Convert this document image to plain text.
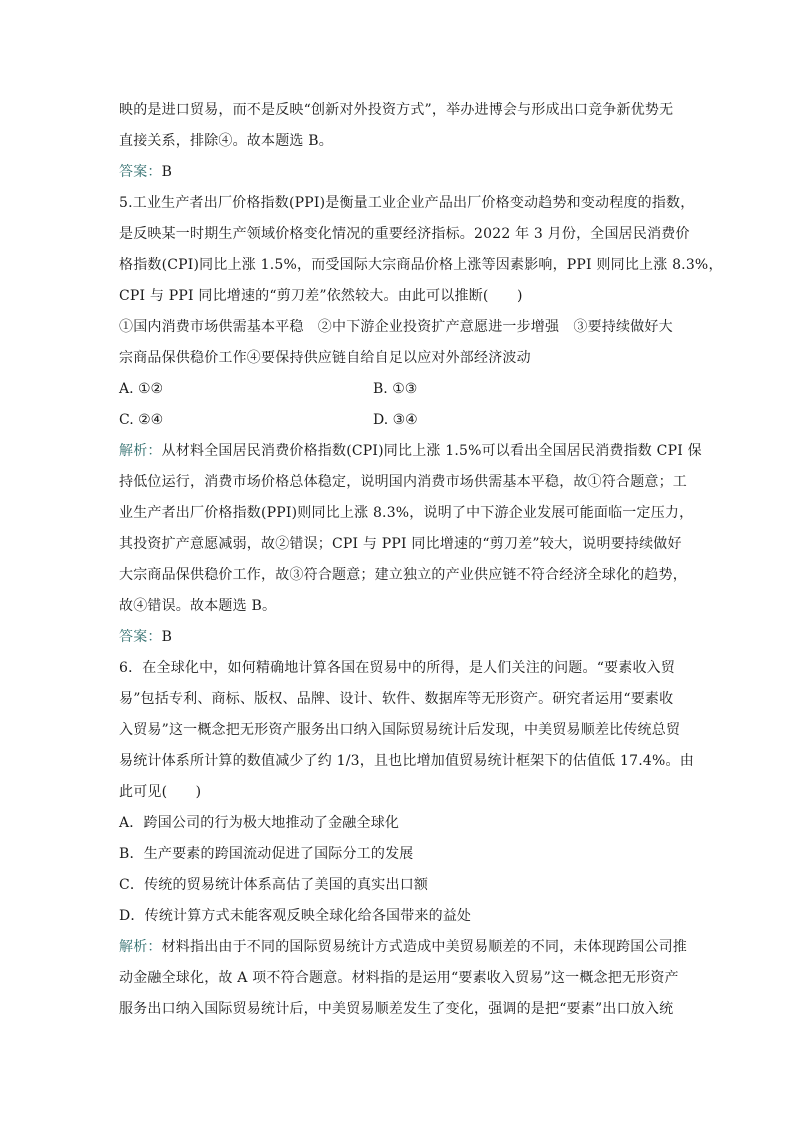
映的是进口贸易，而不是反映“创新对外投资方式”，举办进博会与形成出口竞争新优势无
直接关系，排除④。故本题选 B。

答案：B

5.工业生产者出厂价格指数(PPI)是衡量工业企业产品出厂价格变动趋势和变动程度的指数，
是反映某一时期生产领域价格变化情况的重要经济指标。2022 年 3 月份，全国居民消费价
格指数(CPI)同比上涨 1.5%，而受国际大宗商品价格上涨等因素影响，PPI 则同比上涨 8.3%，
CPI 与 PPI 同比增速的“剪刀差”依然较大。由此可以推断(　　)

①国内消费市场供需基本平稳　②中下游企业投资扩产意愿进一步增强　③要持续做好大
宗商品保供稳价工作④要保持供应链自给自足以应对外部经济波动

A. ①②	B. ①③
C. ②④	D. ③④

解析：从材料全国居民消费价格指数(CPI)同比上涨 1.5%可以看出全国居民消费指数 CPI 保
持低位运行，消费市场价格总体稳定，说明国内消费市场供需基本平稳，故①符合题意；工
业生产者出厂价格指数(PPI)则同比上涨 8.3%，说明了中下游企业发展可能面临一定压力，
其投资扩产意愿减弱，故②错误；CPI 与 PPI 同比增速的“剪刀差”较大，说明要持续做好
大宗商品保供稳价工作，故③符合题意；建立独立的产业供应链不符合经济全球化的趋势，
故④错误。故本题选 B。

答案：B

6．在全球化中，如何精确地计算各国在贸易中的所得，是人们关注的问题。“要素收入贸
易”包括专利、商标、版权、品牌、设计、软件、数据库等无形资产。研究者运用“要素收
入贸易”这一概念把无形资产服务出口纳入国际贸易统计后发现，中美贸易顺差比传统总贸
易统计体系所计算的数值减少了约 1/3，且也比增加值贸易统计框架下的估值低 17.4%。由
此可见(　　)

A．跨国公司的行为极大地推动了金融全球化
B．生产要素的跨国流动促进了国际分工的发展
C．传统的贸易统计体系高估了美国的真实出口额
D．传统计算方式未能客观反映全球化给各国带来的益处

解析：材料指出由于不同的国际贸易统计方式造成中美贸易顺差的不同，未体现跨国公司推
动金融全球化，故 A 项不符合题意。材料指的是运用“要素收入贸易”这一概念把无形资产
服务出口纳入国际贸易统计后，中美贸易顺差发生了变化，强调的是把“要素”出口放入统
